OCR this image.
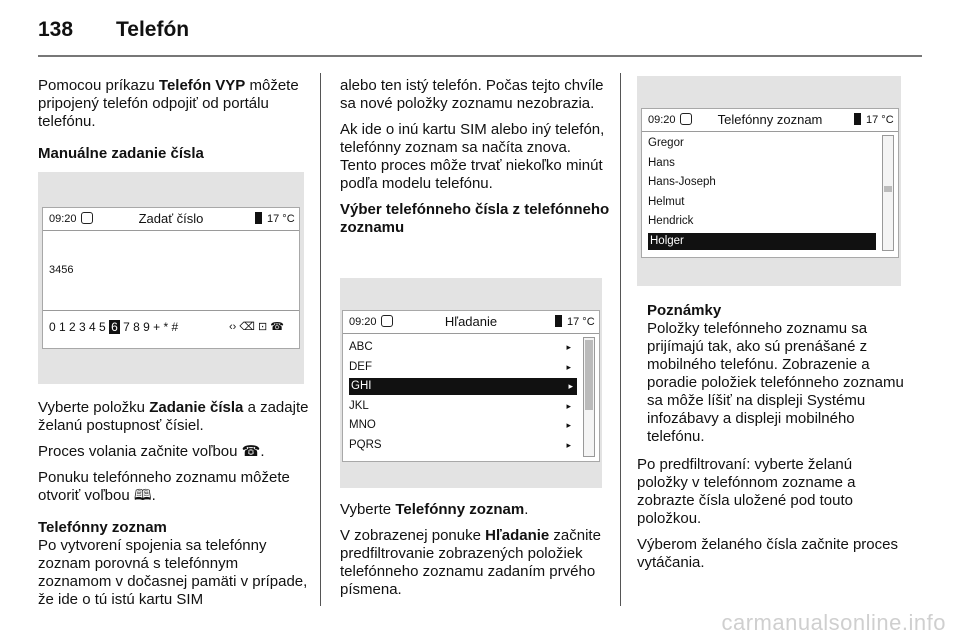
138 Telefón

Pomocou príkazu Telefón VYP môžete pripojený telefón odpojiť od portálu telefónu.

Manuálne zadanie čísla

09:20	Zadať číslo	17 °C
3456
0 1 2 3 4 5 6 7 8 9 + * #	‹› ⌫ ⊡ ☎

Vyberte položku Zadanie čísla a zadajte želanú postupnosť čísiel.

Proces volania začnite voľbou ☎.

Ponuku telefónneho zoznamu môžete otvoriť voľbou 🕮.

Telefónny zoznam

Po vytvorení spojenia sa telefónny zoznam porovná s telefónnym zoznamom v dočasnej pamäti v prípade, že ide o tú istú kartu SIM

alebo ten istý telefón. Počas tejto chvíle sa nové položky zoznamu nezobrazia.

Ak ide o inú kartu SIM alebo iný telefón, telefónny zoznam sa načíta znova. Tento proces môže trvať niekoľko minút podľa modelu telefónu.

Výber telefónneho čísla z telefónneho zoznamu

09:20	Hľadanie	17 °C
ABC	▸
DEF	▸
GHI	▸
JKL	▸
MNO	▸
PQRS	▸

Vyberte Telefónny zoznam.

V zobrazenej ponuke Hľadanie začnite predfiltrovanie zobrazených položiek telefónneho zoznamu zadaním prvého písmena.

09:20	Telefónny zoznam	17 °C
Gregor
Hans
Hans-Joseph
Helmut
Hendrick
Holger

Poznámky

Položky telefónneho zoznamu sa prijímajú tak, ako sú prenášané z mobilného telefónu. Zobrazenie a poradie položiek telefónneho zoznamu sa môže líšiť na displeji Systému infozábavy a displeji mobilného telefónu.

Po predfiltrovaní: vyberte želanú položky v telefónnom zozname a zobrazte čísla uložené pod touto položkou.

Výberom želaného čísla začnite proces vytáčania.

carmanualsonline.info
